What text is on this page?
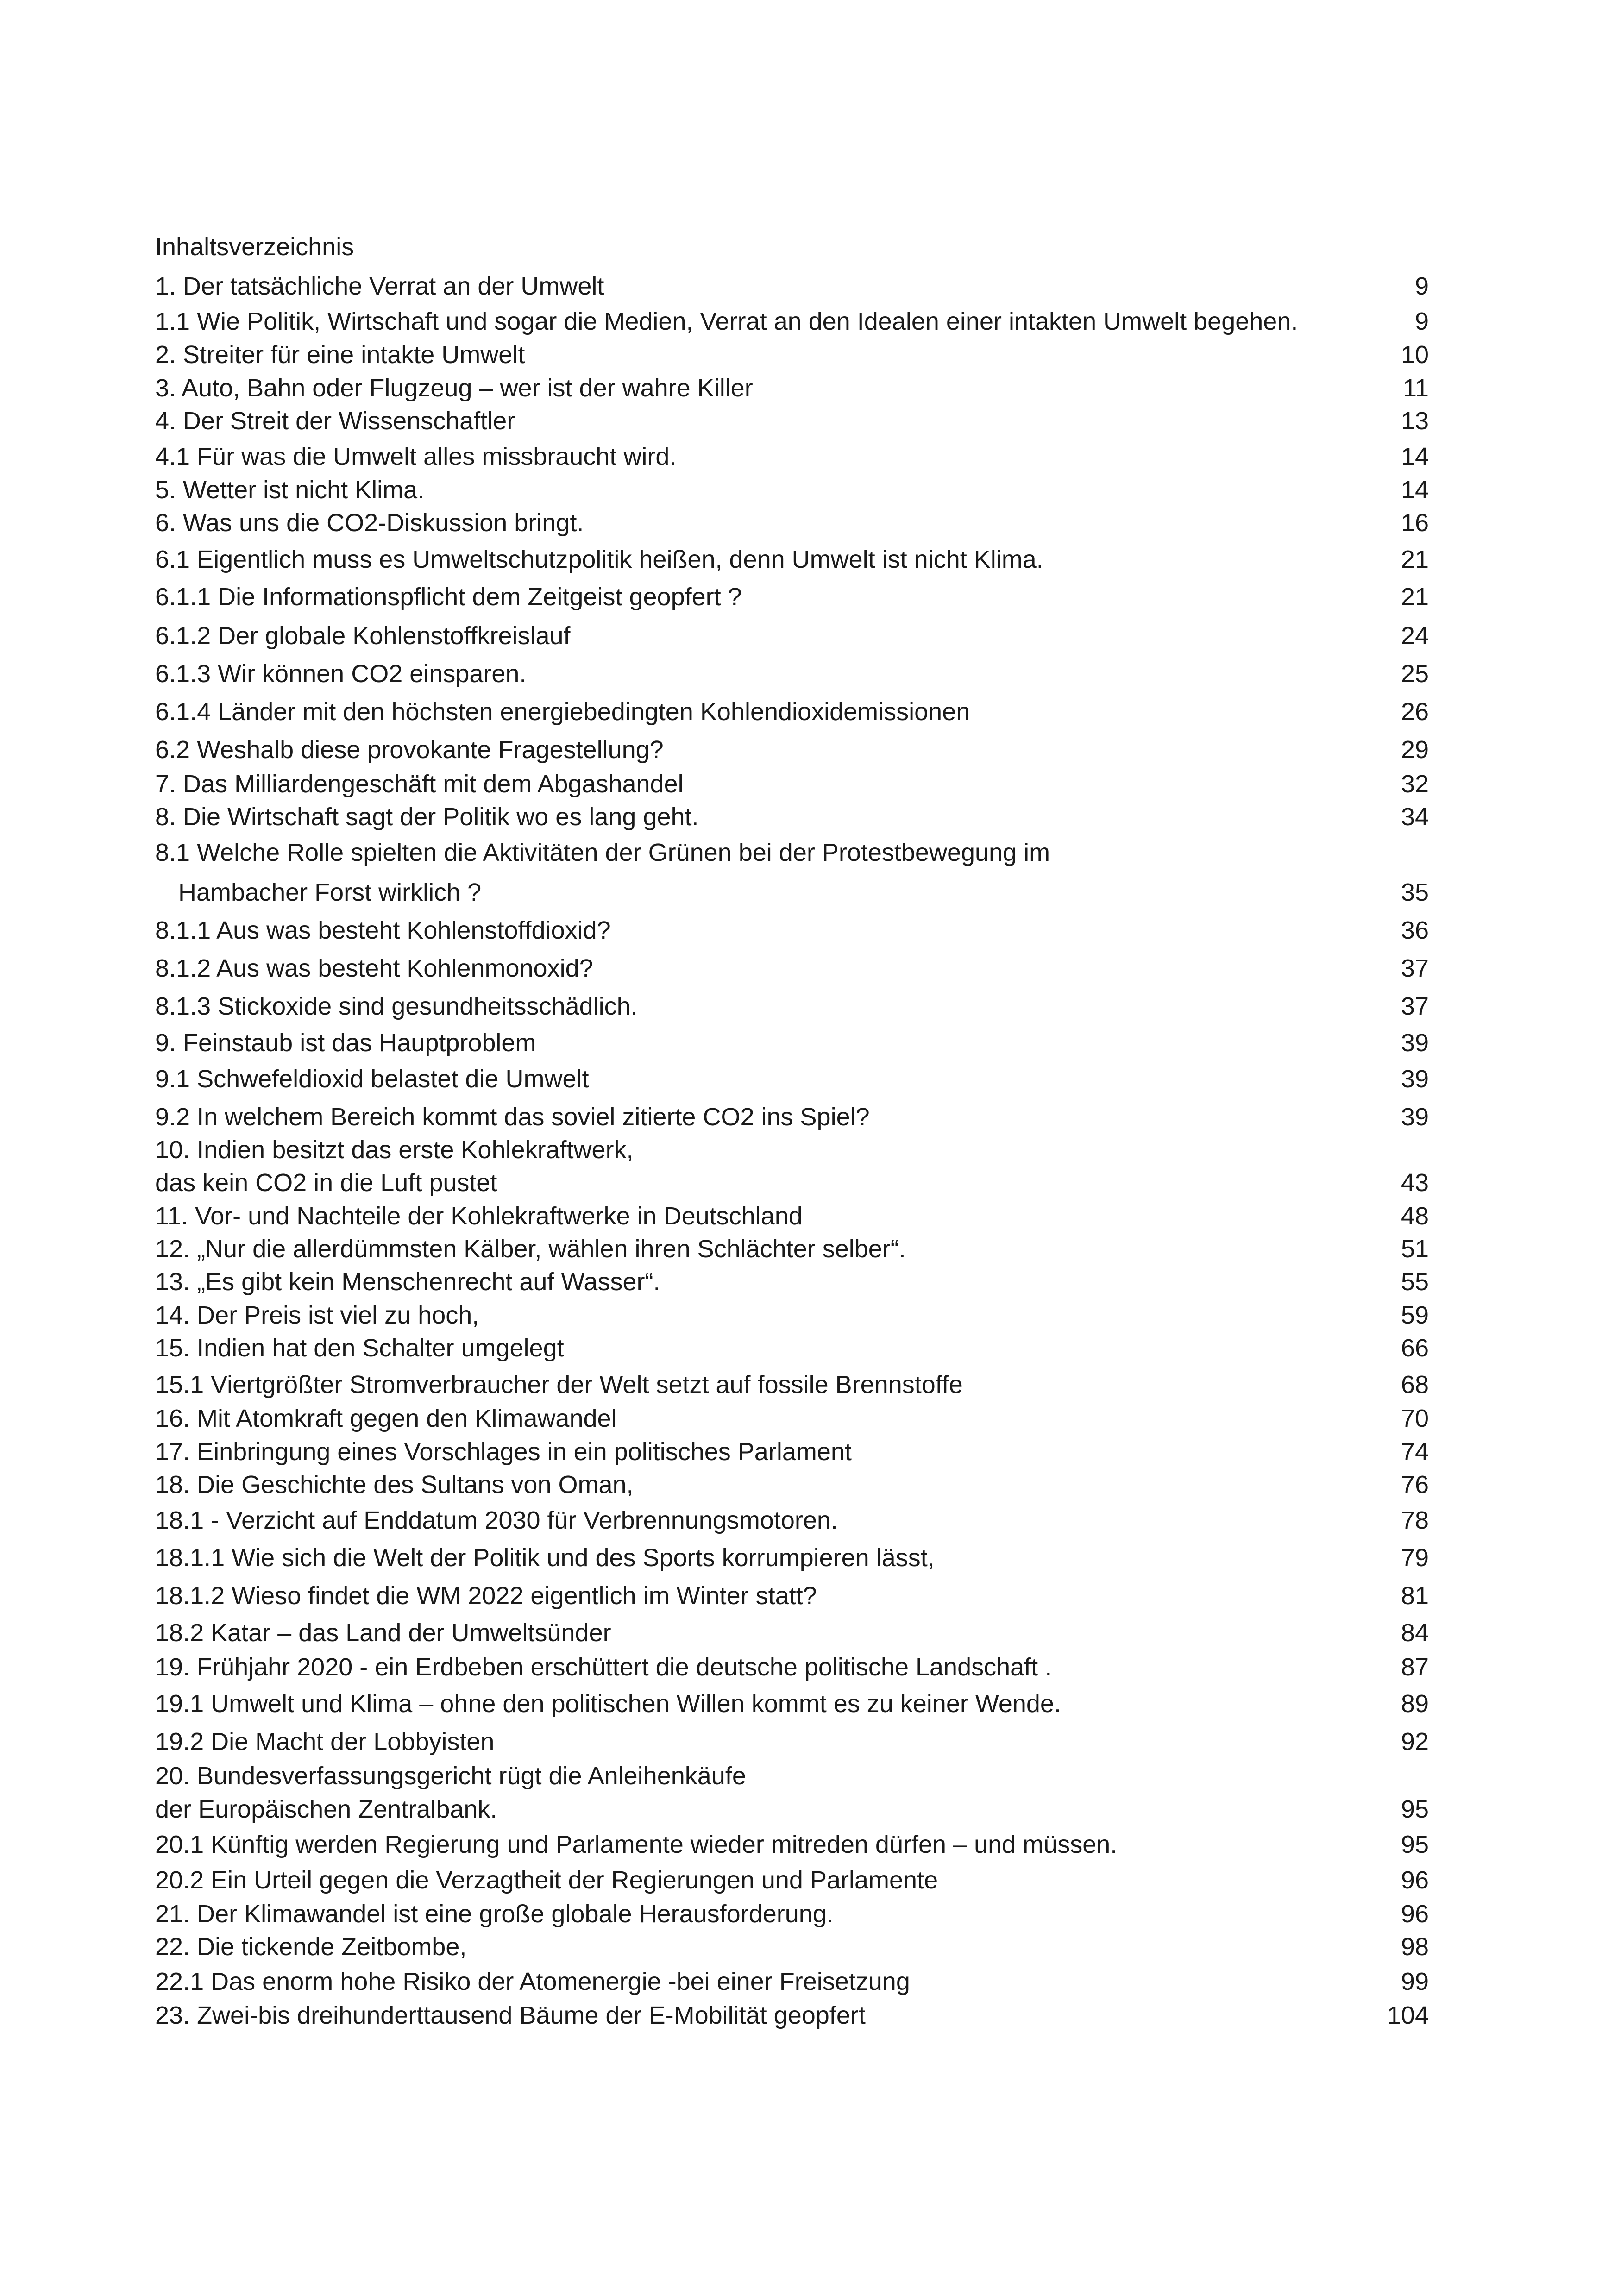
Inhaltsverzeichnis
1. Der tatsächliche Verrat an der Umwelt	9
1.1 Wie Politik, Wirtschaft und sogar die Medien, Verrat an den Idealen einer intakten Umwelt begehen.	9
2. Streiter für eine intakte Umwelt	10
3. Auto, Bahn oder Flugzeug – wer ist der wahre Killer	11
4. Der Streit der Wissenschaftler	13
4.1 Für was die Umwelt alles missbraucht wird.	14
5. Wetter ist nicht Klima.	14
6. Was uns die CO2-Diskussion bringt.	16
6.1 Eigentlich muss es Umweltschutzpolitik heißen, denn Umwelt ist nicht Klima.	21
6.1.1 Die Informationspflicht dem Zeitgeist geopfert ?	21
6.1.2 Der globale Kohlenstoffkreislauf	24
6.1.3 Wir können CO2 einsparen.	25
6.1.4 Länder mit den höchsten energiebedingten Kohlendioxidemissionen	26
6.2 Weshalb diese provokante Fragestellung?	29
7. Das Milliardengeschäft mit dem Abgashandel	32
8. Die Wirtschaft sagt der Politik wo es lang geht.	34
8.1 Welche Rolle spielten die Aktivitäten der Grünen bei der Protestbewegung im
Hambacher Forst wirklich ?	35
8.1.1 Aus was besteht Kohlenstoffdioxid?	36
8.1.2 Aus was besteht Kohlenmonoxid?	37
8.1.3 Stickoxide sind gesundheitsschädlich.	37
9. Feinstaub ist das Hauptproblem	39
9.1 Schwefeldioxid belastet die Umwelt	39
9.2 In welchem Bereich kommt das soviel zitierte CO2 ins Spiel?	39
10. Indien besitzt das erste Kohlekraftwerk,
das kein CO2 in die Luft pustet	43
11. Vor- und Nachteile der Kohlekraftwerke in Deutschland	48
12. „Nur die allerdümmsten Kälber, wählen ihren Schlächter selber“.	51
13. „Es gibt kein Menschenrecht auf Wasser“.	55
14. Der Preis ist viel zu hoch,	59
15. Indien hat den Schalter umgelegt	66
15.1 Viertgrößter Stromverbraucher der Welt setzt auf fossile Brennstoffe	68
16. Mit Atomkraft gegen den Klimawandel	70
17. Einbringung eines Vorschlages in ein politisches Parlament	74
18. Die Geschichte des Sultans von Oman,	76
18.1 - Verzicht auf Enddatum 2030 für Verbrennungsmotoren.	78
18.1.1 Wie sich die Welt der Politik und des Sports korrumpieren lässt,	79
18.1.2 Wieso findet die WM 2022 eigentlich im Winter statt?	81
18.2 Katar – das Land der Umweltsünder	84
19. Frühjahr 2020 - ein Erdbeben erschüttert die deutsche politische Landschaft .	87
19.1 Umwelt und Klima – ohne den politischen Willen kommt es zu keiner Wende.	89
19.2 Die Macht der Lobbyisten	92
20. Bundesverfassungsgericht rügt die Anleihenkäufe
der Europäischen Zentralbank.	95
20.1 Künftig werden Regierung und Parlamente wieder mitreden dürfen – und müssen.	95
20.2 Ein Urteil gegen die Verzagtheit der Regierungen und Parlamente	96
21. Der Klimawandel ist eine große globale Herausforderung.	96
22. Die tickende Zeitbombe,	98
22.1 Das enorm hohe Risiko der Atomenergie -bei einer Freisetzung	99
23. Zwei-bis dreihunderttausend Bäume der E-Mobilität geopfert	104
